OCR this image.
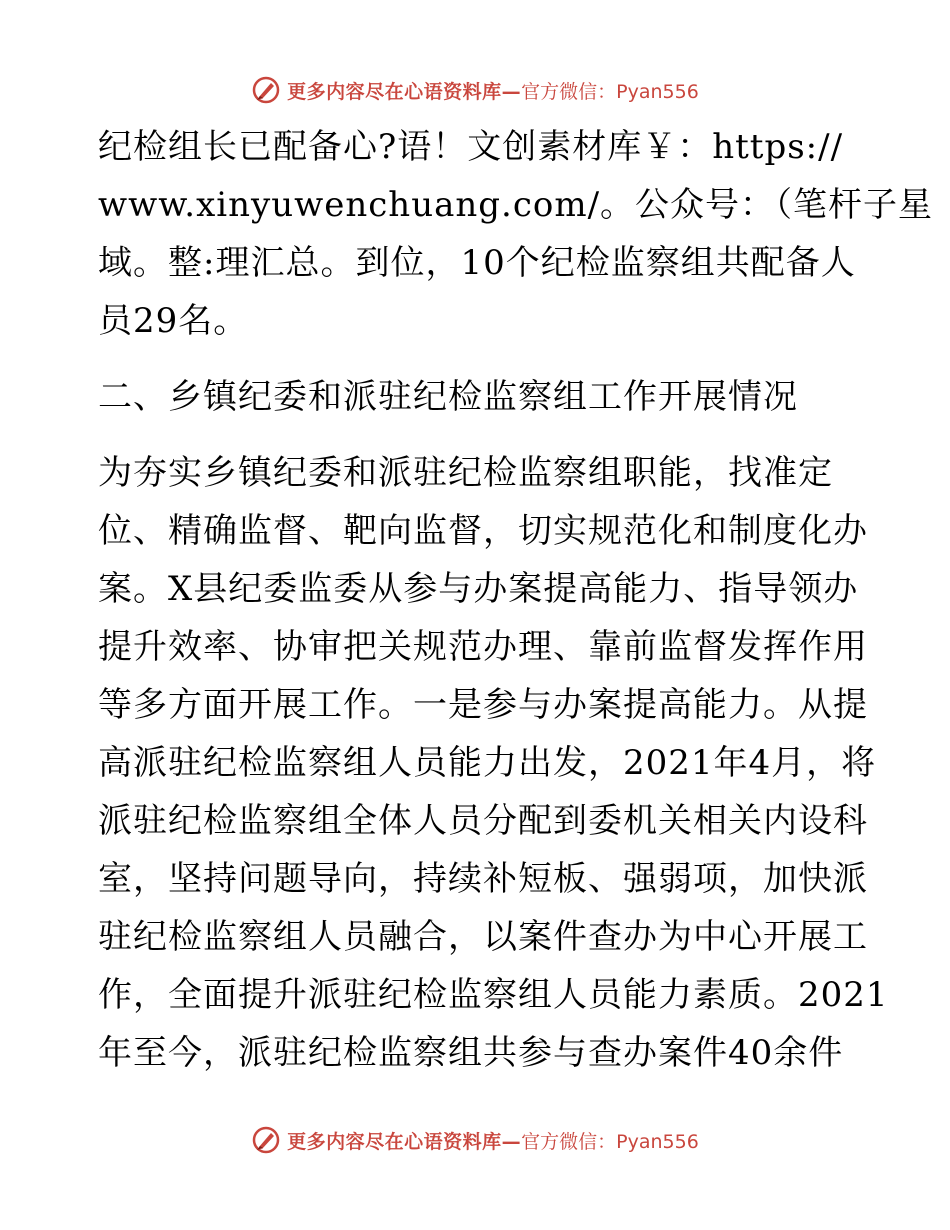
更多内容尽在心语资料库— 官方微信：Pyan556
纪检组长已配备心?语！文创素材库￥：https://
www.xinyuwenchuang.com/。公众号：（笔杆子星
域。整:理汇总。到位，10个纪检监察组共配备人
员29名。
二、乡镇纪委和派驻纪检监察组工作开展情况
为夯实乡镇纪委和派驻纪检监察组职能，找准定
位、精确监督、靶向监督，切实规范化和制度化办
案。X县纪委监委从参与办案提高能力、指导领办
提升效率、协审把关规范办理、靠前监督发挥作用
等多方面开展工作。一是参与办案提高能力。从提
高派驻纪检监察组人员能力出发，2021年4月，将
派驻纪检监察组全体人员分配到委机关相关内设科
室，坚持问题导向，持续补短板、强弱项，加快派
驻纪检监察组人员融合，以案件查办为中心开展工
作，全面提升派驻纪检监察组人员能力素质。2021
年至今，派驻纪检监察组共参与查办案件40余件
更多内容尽在心语资料库— 官方微信：Pyan556
